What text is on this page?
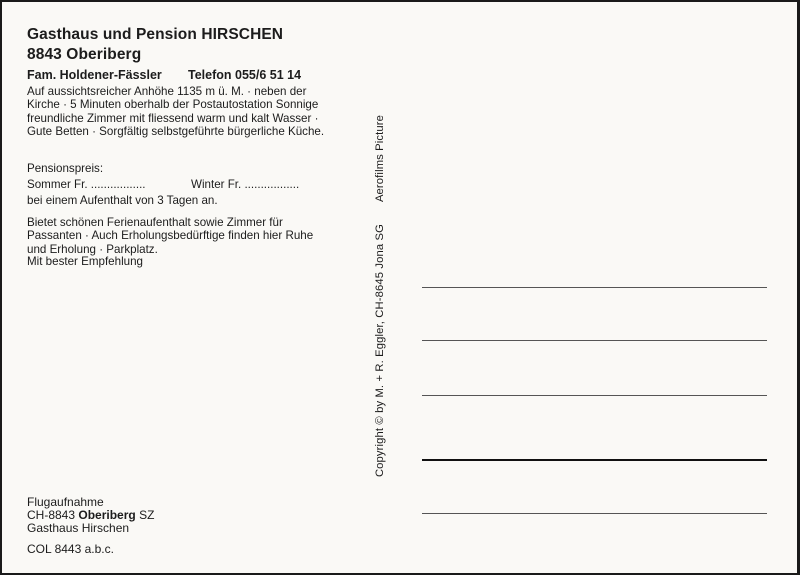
Gasthaus und Pension HIRSCHEN
8843 Oberiberg
Fam. Holdener-Fässler Telefon 055/6 51 14
Auf aussichtsreicher Anhöhe 1135 m ü. M. · neben der Kirche · 5 Minuten oberhalb der Postautostation Sonnige freundliche Zimmer mit fliessend warm und kalt Wasser · Gute Betten · Sorgfältig selbstgeführte bürgerliche Küche.
Pensionspreis:
Sommer Fr. .................	Winter Fr. .................
bei einem Aufenthalt von 3 Tagen an.
Bietet schönen Ferienaufenthalt sowie Zimmer für Passanten · Auch Erholungsbedürftige finden hier Ruhe und Erholung · Parkplatz.
Mit bester Empfehlung
Flugaufnahme
CH-8843 Oberiberg SZ
Gasthaus Hirschen
COL 8443 a.b.c.
Copyright © by M. + R. Eggler, CH-8645 Jona SGAerofilms Picture
